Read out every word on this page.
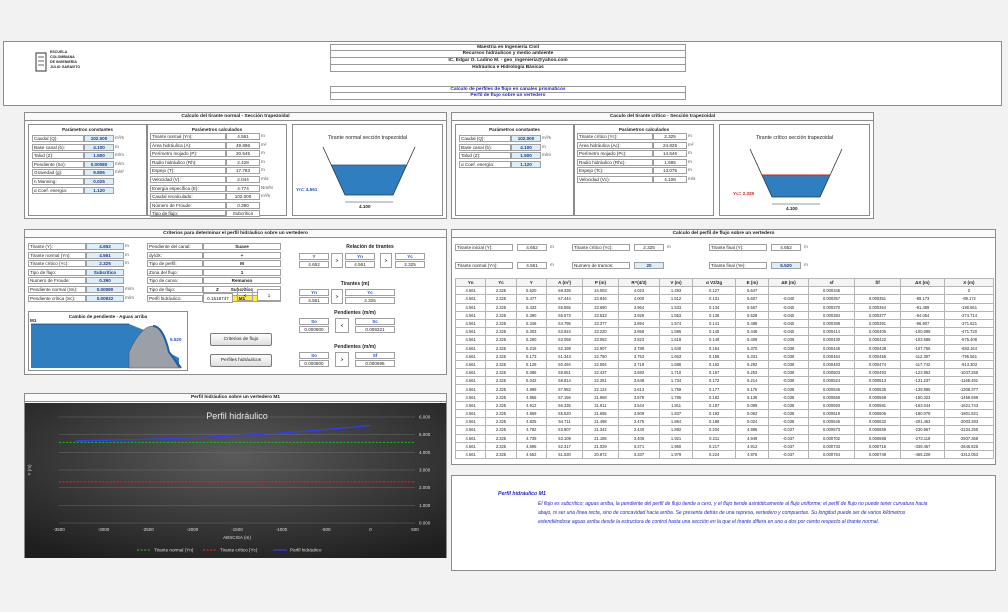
ESCUELA
COLOMBIANA
DE INGENIERÍA
JULIO GARAVITO
Maestria en Ingenieria Civil
Recursos hidráulicos y medio ambiente
IC. Edgar O. Ladino M. - geo_ingenieria@yahoo.com
Hidráulica e Hidrología Básicas
Calculo de perfiles de flujo en canales prismaticos
Perfil de flujo sobre un vertedero
Calculo del tirante normal - Sección trapezoidal
Parámetros constantes
Caudal (Q):	102.000	m³/s
Base canal (b):	4.100	m
Talud (Z):	1.500	m/m
Pendiente (So):	0.00080	m/m
Gravedad (g):	9.806	m/s²
n Manning:	0.025
α Coef. energía:	1.120
Parámetros calculados
Tirante normal (Yn):	4.561	m
Área hidráulica (A):	49.896	m²
Perímetro mojado (P):	20.545	m
Radio hidráulico (Rh):	2.428	m
Espejo (T):	17.783	m
Velocidad (V):	2.044	m/s
Energía específica (E):	4.774	Nm/N
Caudal recalculado:	102.000	m³/s
Número de Froude:	0.390
Tipo de flujo:	Subcrítico
Tirante normal sección trapezoidal
Yn= 4.561
4.100
Caculo del tirante crítico - Sección trapezoidal
Parámetros constantes
Caudal (Q):	102.000	m³/s
Base canal (b):	4.100	m
Talud (Z):	1.500	m/m
α Coef. energía:	1.120
Parámetros calculados
Tirante crítico (Yc):	2.325	m
Área hidráulica (Ac):	24.825	m²
Perímetro mojado (Pc):	14.646	m
Radio hidráulico (Rhc):	1.695	m
Espejo (Tc):	13.075	m
Velocidad (Vc):	4.108	m/s
Tirante crítico sección trapezoidal
Yc= 2.325
4.100
Criterios para determinar el perfil hidráulico sobre un vertedero
Tirante (Y):	4.652	m
Tirante normal (Yn):	4.561	m
Tirante crítico (Yc):	2.325	m
Tipo de flujo:	Subcrítico
Numero de Froude:	0.390
Pendiente normal (Sn):	0.00080	m/m
Pendiente crítica (Sc):	0.00932	m/m
Pendiente del canal:	Suave
dy/dX:	+
Tipo de perfil:	M
Zona del flujo:	1
Tipo de curva:	Remanso
Tipo de flujo:	Subcrítico
Perfil hidráulico:	M1
Relación de tirantes
Y	Yn	Yc
4.652	4.561	2.325
>	>
Tirantes (m)
Yn	Yc
4.561	2.325
>
Z
0.1518747
<	1
Pendientes (m/m)
So	Sc
0.000800	0.009321
<
Pendientes (m/m)
So	Sf
0.000800	0.000695
>
Cambio de pendiente - Aguas arriba
M1
5.520	Criterios de flujo
Perfiles hidráulicos
Calculo del perfil de flujo sobre un vertedero
Tirante inicial (Y):	4.652	m	Tirante crítico (Yc):	2.325	m	Tirante final (Y):	4.652	m
Tirante normal (Yn):	4.561	m	Numero de tramos:	20	Tirante final (Ye):	5.520	m
Yn	Yc	Y	A (m²)	P (m)	R^(4/3)	V (m)	α V2/2g	E (m)	ΔE (m)	sf	S̄f	ΔX (m)	X (m)
4.561	2.325	5.520	68.338	24.003	4.023	1.493	0.127	5.647		0.000345			0
4.561	2.325	5.477	67.444	23.846	4.000	1.512	0.131	5.607	-0.040	0.000357	0.000351	-89.173	-89.172
4.561	2.325	5.433	66.555	23.690	3.964	1.533	0.134	5.567	-0.040	0.000370	0.000364	-91.489	-180.661
4.561	2.325	5.390	65.673	23.533	3.929	1.553	0.138	5.528	-0.040	0.000384	0.000377	-94.054	-274.714
4.561	2.325	5.346	64.795	23.377	3.894	1.574	0.141	5.488	-0.040	0.000398	0.000391	-96.907	-371.621
4.561	2.325	5.303	63.924	23.220	3.858	1.596	0.145	5.448	-0.040	0.000414	0.000406	-100.098	-471.720
4.561	2.325	5.260	63.058	23.063	3.823	1.618	0.149	5.409	-0.039	0.000430	0.000422	-103.688	-575.408
4.561	2.325	5.216	62.198	22.907	3.789	1.640	0.154	5.370	-0.039	0.000446	0.000438	-107.756	-683.164
4.561	2.325	5.173	61.343	22.750	3.753	1.663	0.158	5.331	-0.039	0.000464	0.000455	-112.397	-795.561
4.561	2.325	5.129	60.494	22.594	3.718	1.686	0.162	5.292	-0.039	0.000483	0.000474	-117.742	-913.303
4.561	2.325	5.086	59.651	22.437	3.683	1.710	0.167	5.253	-0.039	0.000503	0.000493	-123.952	-1037.255
4.561	2.325	5.042	58.814	22.281	3.648	1.734	0.172	5.214	-0.039	0.000524	0.000513	-131.237	-1168.492
4.561	2.325	4.999	57.982	22.124	3.613	1.759	0.177	5.176	-0.038	0.000546	0.000535	-139.885	-1308.377
4.561	2.325	4.956	57.156	21.968	3.578	1.785	0.182	5.138	-0.038	0.000569	0.000558	-150.322	-1458.699
4.561	2.325	4.912	56.335	21.811	3.544	1.811	0.187	5.099	-0.038	0.000593	0.000581	-163.044	-1621.743
4.561	2.325	4.869	55.520	21.655	3.509	1.837	0.193	5.062	-0.038	0.000619	0.000606	-180.078	-1801.821
4.561	2.325	4.825	54.711	21.498	3.475	1.864	0.198	5.024	-0.038	0.000645	0.000632	-201.462	-2003.283
4.561	2.325	4.782	53.907	21.342	3.440	1.892	0.204	4.986	-0.037	0.000673	0.000659	-230.967	-2234.250
4.561	2.325	4.739	53.109	21.185	3.406	1.921	0.211	4.949	-0.037	0.000702	0.000688	-273.118	-2507.368
4.561	2.325	4.695	52.317	21.029	3.371	1.950	0.217	4.912	-0.037	0.000733	0.000718	-339.457	-2846.825
4.561	2.325	4.652	51.530	20.872	3.337	1.979	0.224	4.876	-0.037	0.000764	0.000749	-465.228	-3312.053
Perfil hidráulico sobre un vertedero M1
0.000
1.000
2.000
3.000
4.000
5.000
6.000
-3500	-3000	-2500	-2000	-1500	-1000	-500	0	500
Perfil hidráulico
ABSCISA (m)
Y (m)
Tirante normal (Yn)	Tirante crítico (Yc)	Perfil hidráulico
Perfil hidráulico M1
El flujo es subcrítico; aguas arriba, la pendiente del perfil de flujo tiende a cero, y el flujo tiende asintóticamente al flujo uniforme; el perfil de flujo no puede tener curvatura hacia abajo, ni ser una línea recta, sino de concavidad hacia arriba. Se presenta detrás de una represa, vertedero y compuertas. Su longitud puede ser de varios kilómetros extendiéndose aguas arriba desde la estructura de control hasta una sección en la que el tirante difiera en uno a dos por ciento respecto al tirante normal.
